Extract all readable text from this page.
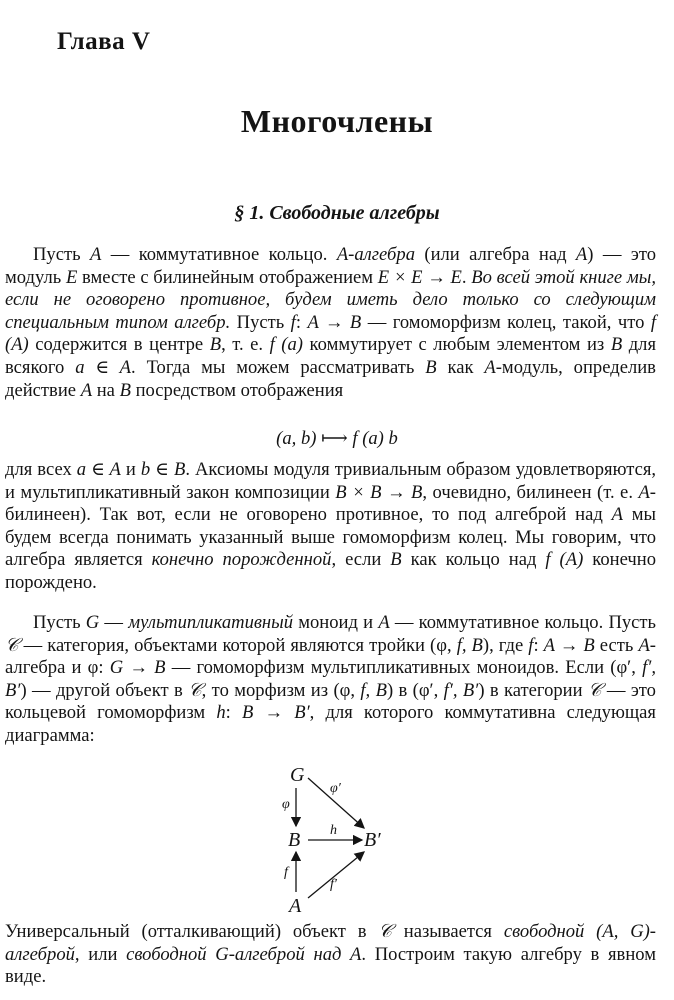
Глава V
Многочлены
§ 1. Свободные алгебры
Пусть A — коммутативное кольцо. A-алгебра (или алгебра над A) — это модуль E вместе с билинейным отображением E × E → E. Во всей этой книге мы, если не оговорено противное, будем иметь дело только со следующим специальным типом алгебр. Пусть f: A → B — гомоморфизм колец, такой, что f (A) содержится в центре B, т. е. f (a) коммутирует с любым элементом из B для всякого a ∈ A. Тогда мы можем рассматривать B как A-модуль, определив действие A на B посредством отображения
(a, b) ⟼ f (a) b
для всех a ∈ A и b ∈ B. Аксиомы модуля тривиальным образом удовлетворяются, и мультипликативный закон композиции B × B → B, очевидно, билинеен (т. е. A-билинеен). Так вот, если не оговорено противное, то под алгеброй над A мы будем всегда понимать указанный выше гомоморфизм колец. Мы говорим, что алгебра является конечно порожденной, если B как кольцо над f (A) конечно порождено.
Пусть G — мультипликативный моноид и A — коммутативное кольцо. Пусть 𝒞 — категория, объектами которой являются тройки (φ, f, B), где f: A → B есть A-алгебра и φ: G → B — гомоморфизм мультипликативных моноидов. Если (φ′, f′, B′) — другой объект в 𝒞, то морфизм из (φ, f, B) в (φ′, f′, B′) в категории 𝒞 — это кольцевой гомоморфизм h: B → B′, для которого коммутативна следующая диаграмма:
G
B	B′
A
φ
φ′
h
f
f′
Универсальный (отталкивающий) объект в 𝒞 называется свободной (A, G)-алгеброй, или свободной G-алгеброй над A. Построим такую алгебру в явном виде.
